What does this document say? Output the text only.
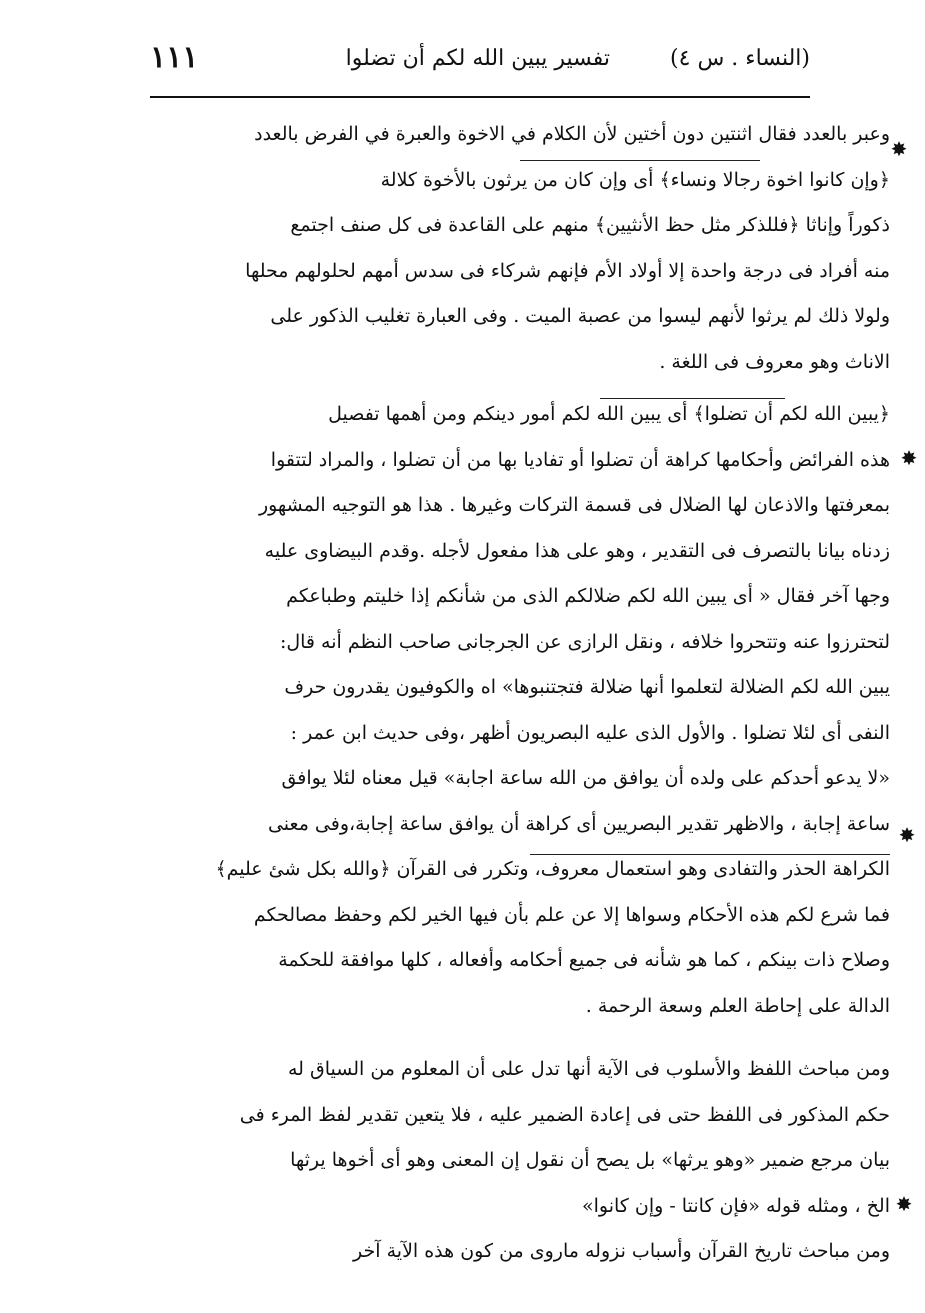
(النساء . س ٤)
تفسير يبين الله لكم أن تضلوا
١١١
وعبر بالعدد فقال اثنتين دون أختين لأن الكلام في الاخوة والعبرة في الفرض بالعدد
﴿وإن كانوا اخوة رجالا ونساء﴾ أى وإن كان من يرثون بالأخوة كلالة
ذكوراً وإناثا ﴿فللذكر مثل حظ الأنثيين﴾ منهم على القاعدة فى كل صنف اجتمع
منه أفراد فى درجة واحدة إلا أولاد الأم فإنهم شركاء فى سدس أمهم لحلولهم محلها
ولولا ذلك لم يرثوا لأنهم ليسوا من عصبة الميت . وفى العبارة تغليب الذكور على
الاناث وهو معروف فى اللغة .
﴿يبين الله لكم أن تضلوا﴾ أى يبين الله لكم أمور دينكم ومن أهمها تفصيل
هذه الفرائض وأحكامها كراهة أن تضلوا أو تفاديا بها من أن تضلوا ، والمراد لتتقوا
بمعرفتها والاذعان لها الضلال فى قسمة التركات وغيرها . هذا هو التوجيه المشهور
زدناه بيانا بالتصرف فى التقدير ، وهو على هذا مفعول لأجله .وقدم البيضاوى عليه
وجها آخر فقال « أى يبين الله لكم ضلالكم الذى من شأنكم إذا خليتم وطباعكم
لتحترزوا عنه وتتحروا خلافه ، ونقل الرازى عن الجرجانى صاحب النظم أنه قال:
يبين الله لكم الضلالة لتعلموا أنها ضلالة فتجتنبوها» اه والكوفيون يقدرون حرف
النفى أى لئلا تضلوا . والأول الذى عليه البصريون أظهر ،وفى حديث ابن عمر :
«لا يدعو أحدكم على ولده أن يوافق من الله ساعة اجابة» قيل معناه لئلا يوافق
ساعة إجابة ، والاظهر تقدير البصريين أى كراهة أن يوافق ساعة إجابة،وفى معنى
الكراهة الحذر والتفادى وهو استعمال معروف، وتكرر فى القرآن ﴿والله بكل شئ عليم﴾
فما شرع لكم هذه الأحكام وسواها إلا عن علم بأن فيها الخير لكم وحفظ مصالحكم
وصلاح ذات بينكم ، كما هو شأنه فى جميع أحكامه وأفعاله ، كلها موافقة للحكمة
الدالة على إحاطة العلم وسعة الرحمة .
ومن مباحث اللفظ والأسلوب فى الآية أنها تدل على أن المعلوم من السياق له
حكم المذكور فى اللفظ حتى فى إعادة الضمير عليه ، فلا يتعين تقدير لفظ المرء فى
بيان مرجع ضمير «وهو يرثها» بل يصح أن نقول إن المعنى وهو أى أخوها يرثها
الخ ، ومثله قوله «فإن كانتا - وإن كانوا»
ومن مباحث تاريخ القرآن وأسباب نزوله ماروى من كون هذه الآية آخر
✸
✸
✸
✸
